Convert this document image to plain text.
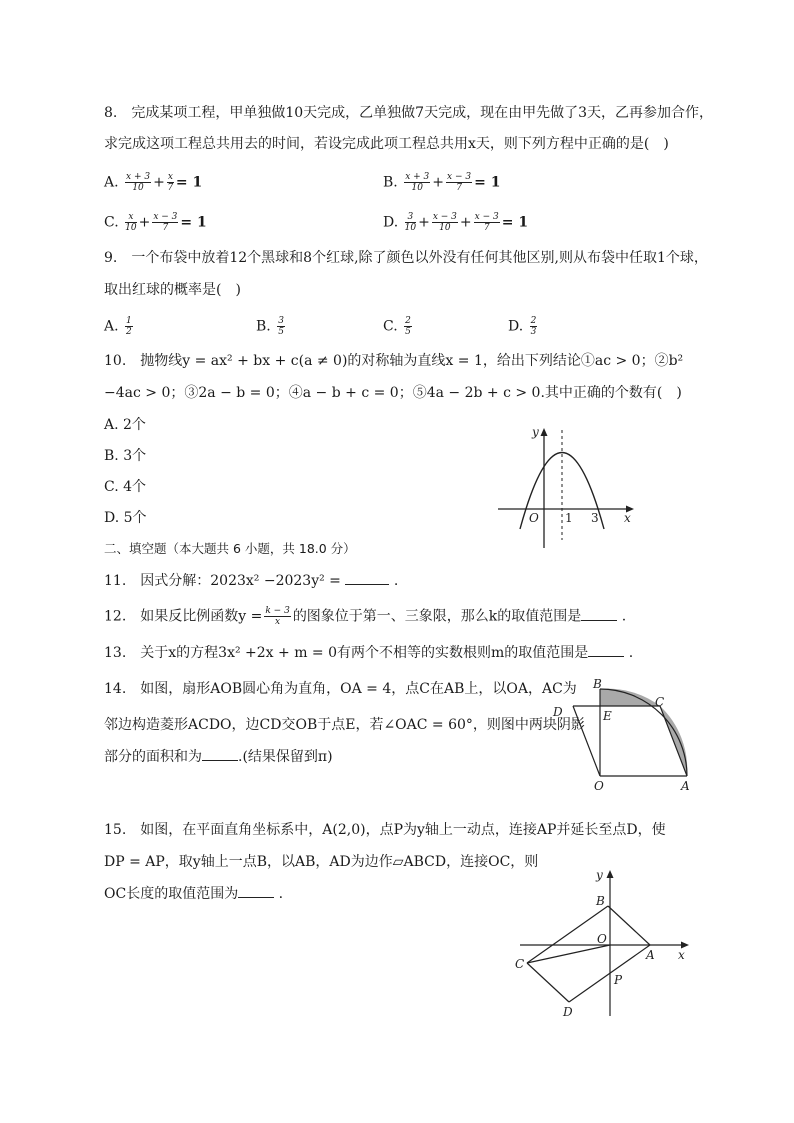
8.　完成某项工程，甲单独做10天完成，乙单独做7天完成，现在由甲先做了3天，乙再参加合作，
求完成这项工程总共用去的时间，若设完成此项工程总共用x天，则下列方程中正确的是(　)
A. $\frac{x + 3}{10} + \frac{x}{7} = 1$	B. $\frac{x + 3}{10} + \frac{x - 3}{7} = 1$
C. $\frac{x}{10} + \frac{x - 3}{7} = 1$	D. $\frac{3}{10} + \frac{x - 3}{10} + \frac{x - 3}{7} = 1$
9.　一个布袋中放着12个黑球和8个红球,除了颜色以外没有任何其他区别,则从布袋中任取1个球，
取出红球的概率是(　)
A. $\frac{1}{2}$	B. $\frac{3}{5}$	C. $\frac{2}{5}$	D. $\frac{2}{3}$
10.　抛物线y = ax² + bx + c(a ≠ 0)的对称轴为直线x = 1，给出下列结论①ac > 0；②b²
−4ac > 0；③2a − b = 0；④a − b + c = 0；⑤4a − 2b + c > 0.其中正确的个数有(　)
A. 2个
B. 3个
C. 4个
D. 5个
y
x
O 1 3
二、填空题（本大题共 6 小题，共 18.0 分）
11.　因式分解：2023x² −2023y² =	.
12.　如果反比例函数$y = \frac{k - 3}{x}$ 的图象位于第一、三象限，那么k的取值范围是	.
13.　关于x的方程3x² +2x + m = 0有两个不相等的实数根则m的取值范围是	.
14.　如图，扇形AOB圆心角为直角，OA = 4，点C在AB上，以OA，AC为
邻边构造菱形ACDO，边CD交OB于点E，若∠OAC = 60°，则图中两块阴影
部分的面积和为	.(结果保留到π)
B
C
D	E
O	A
15.　如图，在平面直角坐标系中，A(2,0)，点P为y轴上一动点，连接AP并延长至点D，使
DP = AP，取y轴上一点B，以AB，AD为边作▱ABCD，连接OC，则
OC长度的取值范围为	.
y
x
B
O
A
C
P
D
